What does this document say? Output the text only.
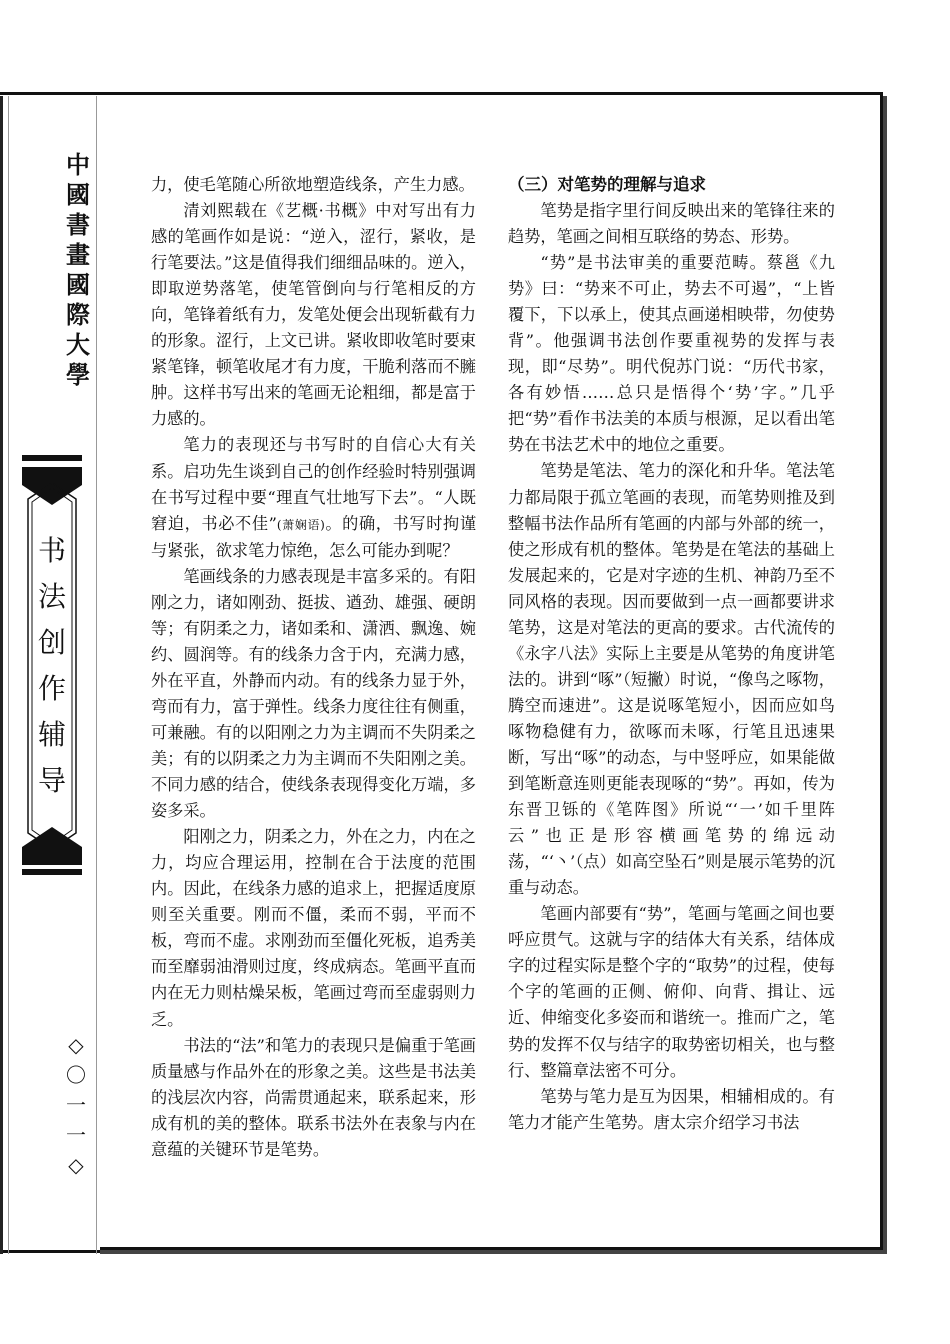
中
國
書
畫
國
際
大
學
书
法
创
作
辅
导
◇
〇
一
一
◇

力，使毛笔随心所欲地塑造线条，产生力感。

清刘熙载在《艺概·书概》中对写出有力感的笔画作如是说：“逆入，涩行，紧收，是行笔要法。”这是值得我们细细品味的。逆入，即取逆势落笔，使笔管倒向与行笔相反的方向，笔锋着纸有力，发笔处便会出现斩截有力的形象。涩行，上文已讲。紧收即收笔时要束紧笔锋，顿笔收尾才有力度，干脆利落而不臃肿。这样书写出来的笔画无论粗细，都是富于力感的。

笔力的表现还与书写时的自信心大有关系。启功先生谈到自己的创作经验时特别强调在书写过程中要“理直气壮地写下去”。“人既窘迫，书必不佳”(萧娴语)。的确，书写时拘谨与紧张，欲求笔力惊绝，怎么可能办到呢？

笔画线条的力感表现是丰富多采的。有阳刚之力，诸如刚劲、挺拔、遒劲、雄强、硬朗等；有阴柔之力，诸如柔和、潇洒、飘逸、婉约、圆润等。有的线条力含于内，充满力感，外在平直，外静而内动。有的线条力显于外，弯而有力，富于弹性。线条力度往往有侧重，可兼融。有的以阳刚之力为主调而不失阴柔之美；有的以阴柔之力为主调而不失阳刚之美。不同力感的结合，使线条表现得变化万端，多姿多采。

阳刚之力，阴柔之力，外在之力，内在之力，均应合理运用，控制在合于法度的范围内。因此，在线条力感的追求上，把握适度原则至关重要。刚而不僵，柔而不弱，平而不板，弯而不虚。求刚劲而至僵化死板，追秀美而至靡弱油滑则过度，终成病态。笔画平直而内在无力则枯燥呆板，笔画过弯而至虚弱则力乏。

书法的“法”和笔力的表现只是偏重于笔画质量感与作品外在的形象之美。这些是书法美的浅层次内容，尚需贯通起来，联系起来，形成有机的美的整体。联系书法外在表象与内在意蕴的关键环节是笔势。

（三）对笔势的理解与追求

笔势是指字里行间反映出来的笔锋往来的趋势，笔画之间相互联络的势态、形势。

“势”是书法审美的重要范畴。蔡邕《九势》曰：“势来不可止，势去不可遏”，“上皆覆下，下以承上，使其点画递相映带，勿使势背”。他强调书法创作要重视势的发挥与表现，即“尽势”。明代倪苏门说：“历代书家，各有妙悟……总只是悟得个‘势’字。”几乎把“势”看作书法美的本质与根源，足以看出笔势在书法艺术中的地位之重要。

笔势是笔法、笔力的深化和升华。笔法笔力都局限于孤立笔画的表现，而笔势则推及到整幅书法作品所有笔画的内部与外部的统一，使之形成有机的整体。笔势是在笔法的基础上发展起来的，它是对字迹的生机、神韵乃至不同风格的表现。因而要做到一点一画都要讲求笔势，这是对笔法的更高的要求。古代流传的《永字八法》实际上主要是从笔势的角度讲笔法的。讲到“啄”（短撇）时说，“像鸟之啄物，腾空而速进”。这是说啄笔短小，因而应如鸟啄物稳健有力，欲啄而未啄，行笔且迅速果断，写出“啄”的动态，与中竖呼应，如果能做到笔断意连则更能表现啄的“势”。再如，传为东晋卫铄的《笔阵图》所说“‘一’如千里阵云”也正是形容横画笔势的绵远动荡，“‘丶’（点）如高空坠石”则是展示笔势的沉重与动态。

笔画内部要有“势”，笔画与笔画之间也要呼应贯气。这就与字的结体大有关系，结体成字的过程实际是整个字的“取势”的过程，使每个字的笔画的正侧、俯仰、向背、揖让、远近、伸缩变化多姿而和谐统一。推而广之，笔势的发挥不仅与结字的取势密切相关，也与整行、整篇章法密不可分。

笔势与笔力是互为因果，相辅相成的。有笔力才能产生笔势。唐太宗介绍学习书法
